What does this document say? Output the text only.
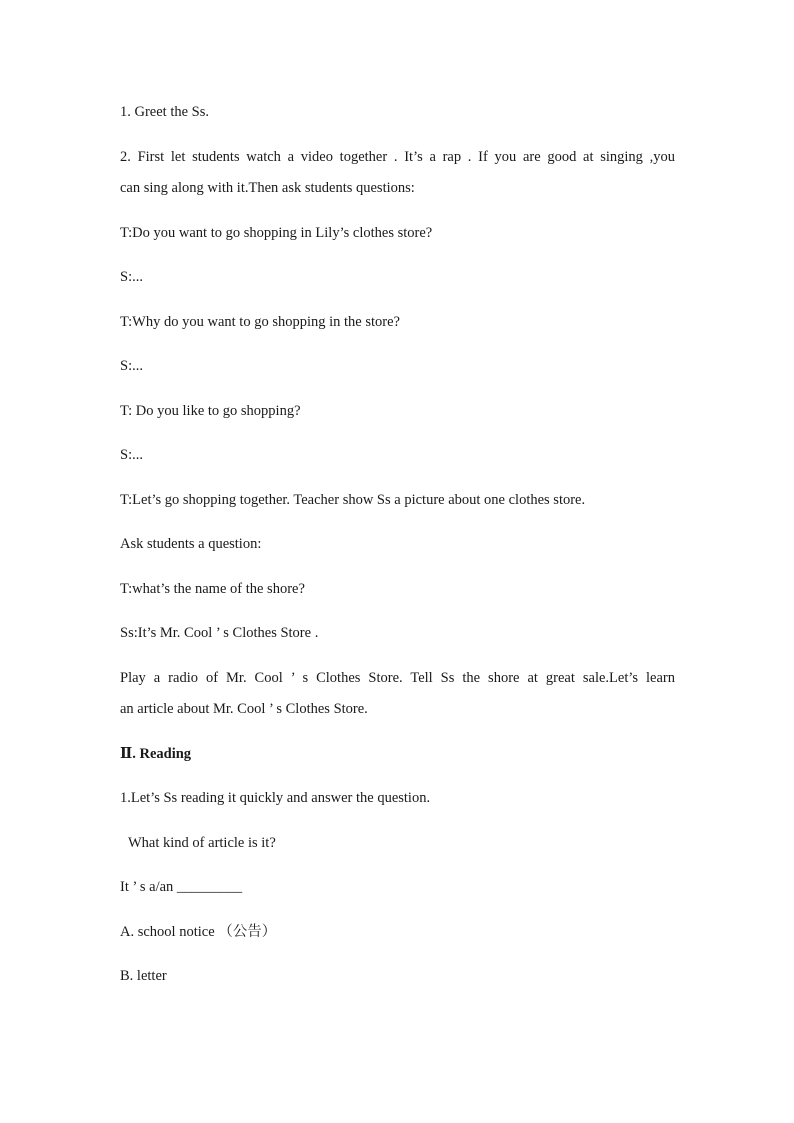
1. Greet the Ss.
2. First let students watch a video together . It’s a rap . If you are good at singing ,you
can sing along with it.Then ask students questions:
T:Do you want to go shopping in Lily’s clothes store?
S:...
T:Why do you want to go shopping in the store?
S:...
T: Do you like to go shopping?
S:...
T:Let’s go shopping together. Teacher show Ss a picture about one clothes store.
Ask students a question:
T:what’s the name of the shore?
Ss:It’s Mr. Cool ’ s Clothes Store .
Play a radio of Mr. Cool ’ s Clothes Store. Tell Ss the shore at great sale.Let’s learn
an article about Mr. Cool ’ s Clothes Store.
Ⅱ. Reading
1.Let’s Ss reading it quickly and answer the question.
What kind of article is it?
It ’ s a/an _________
A. school notice （公告）
B. letter
